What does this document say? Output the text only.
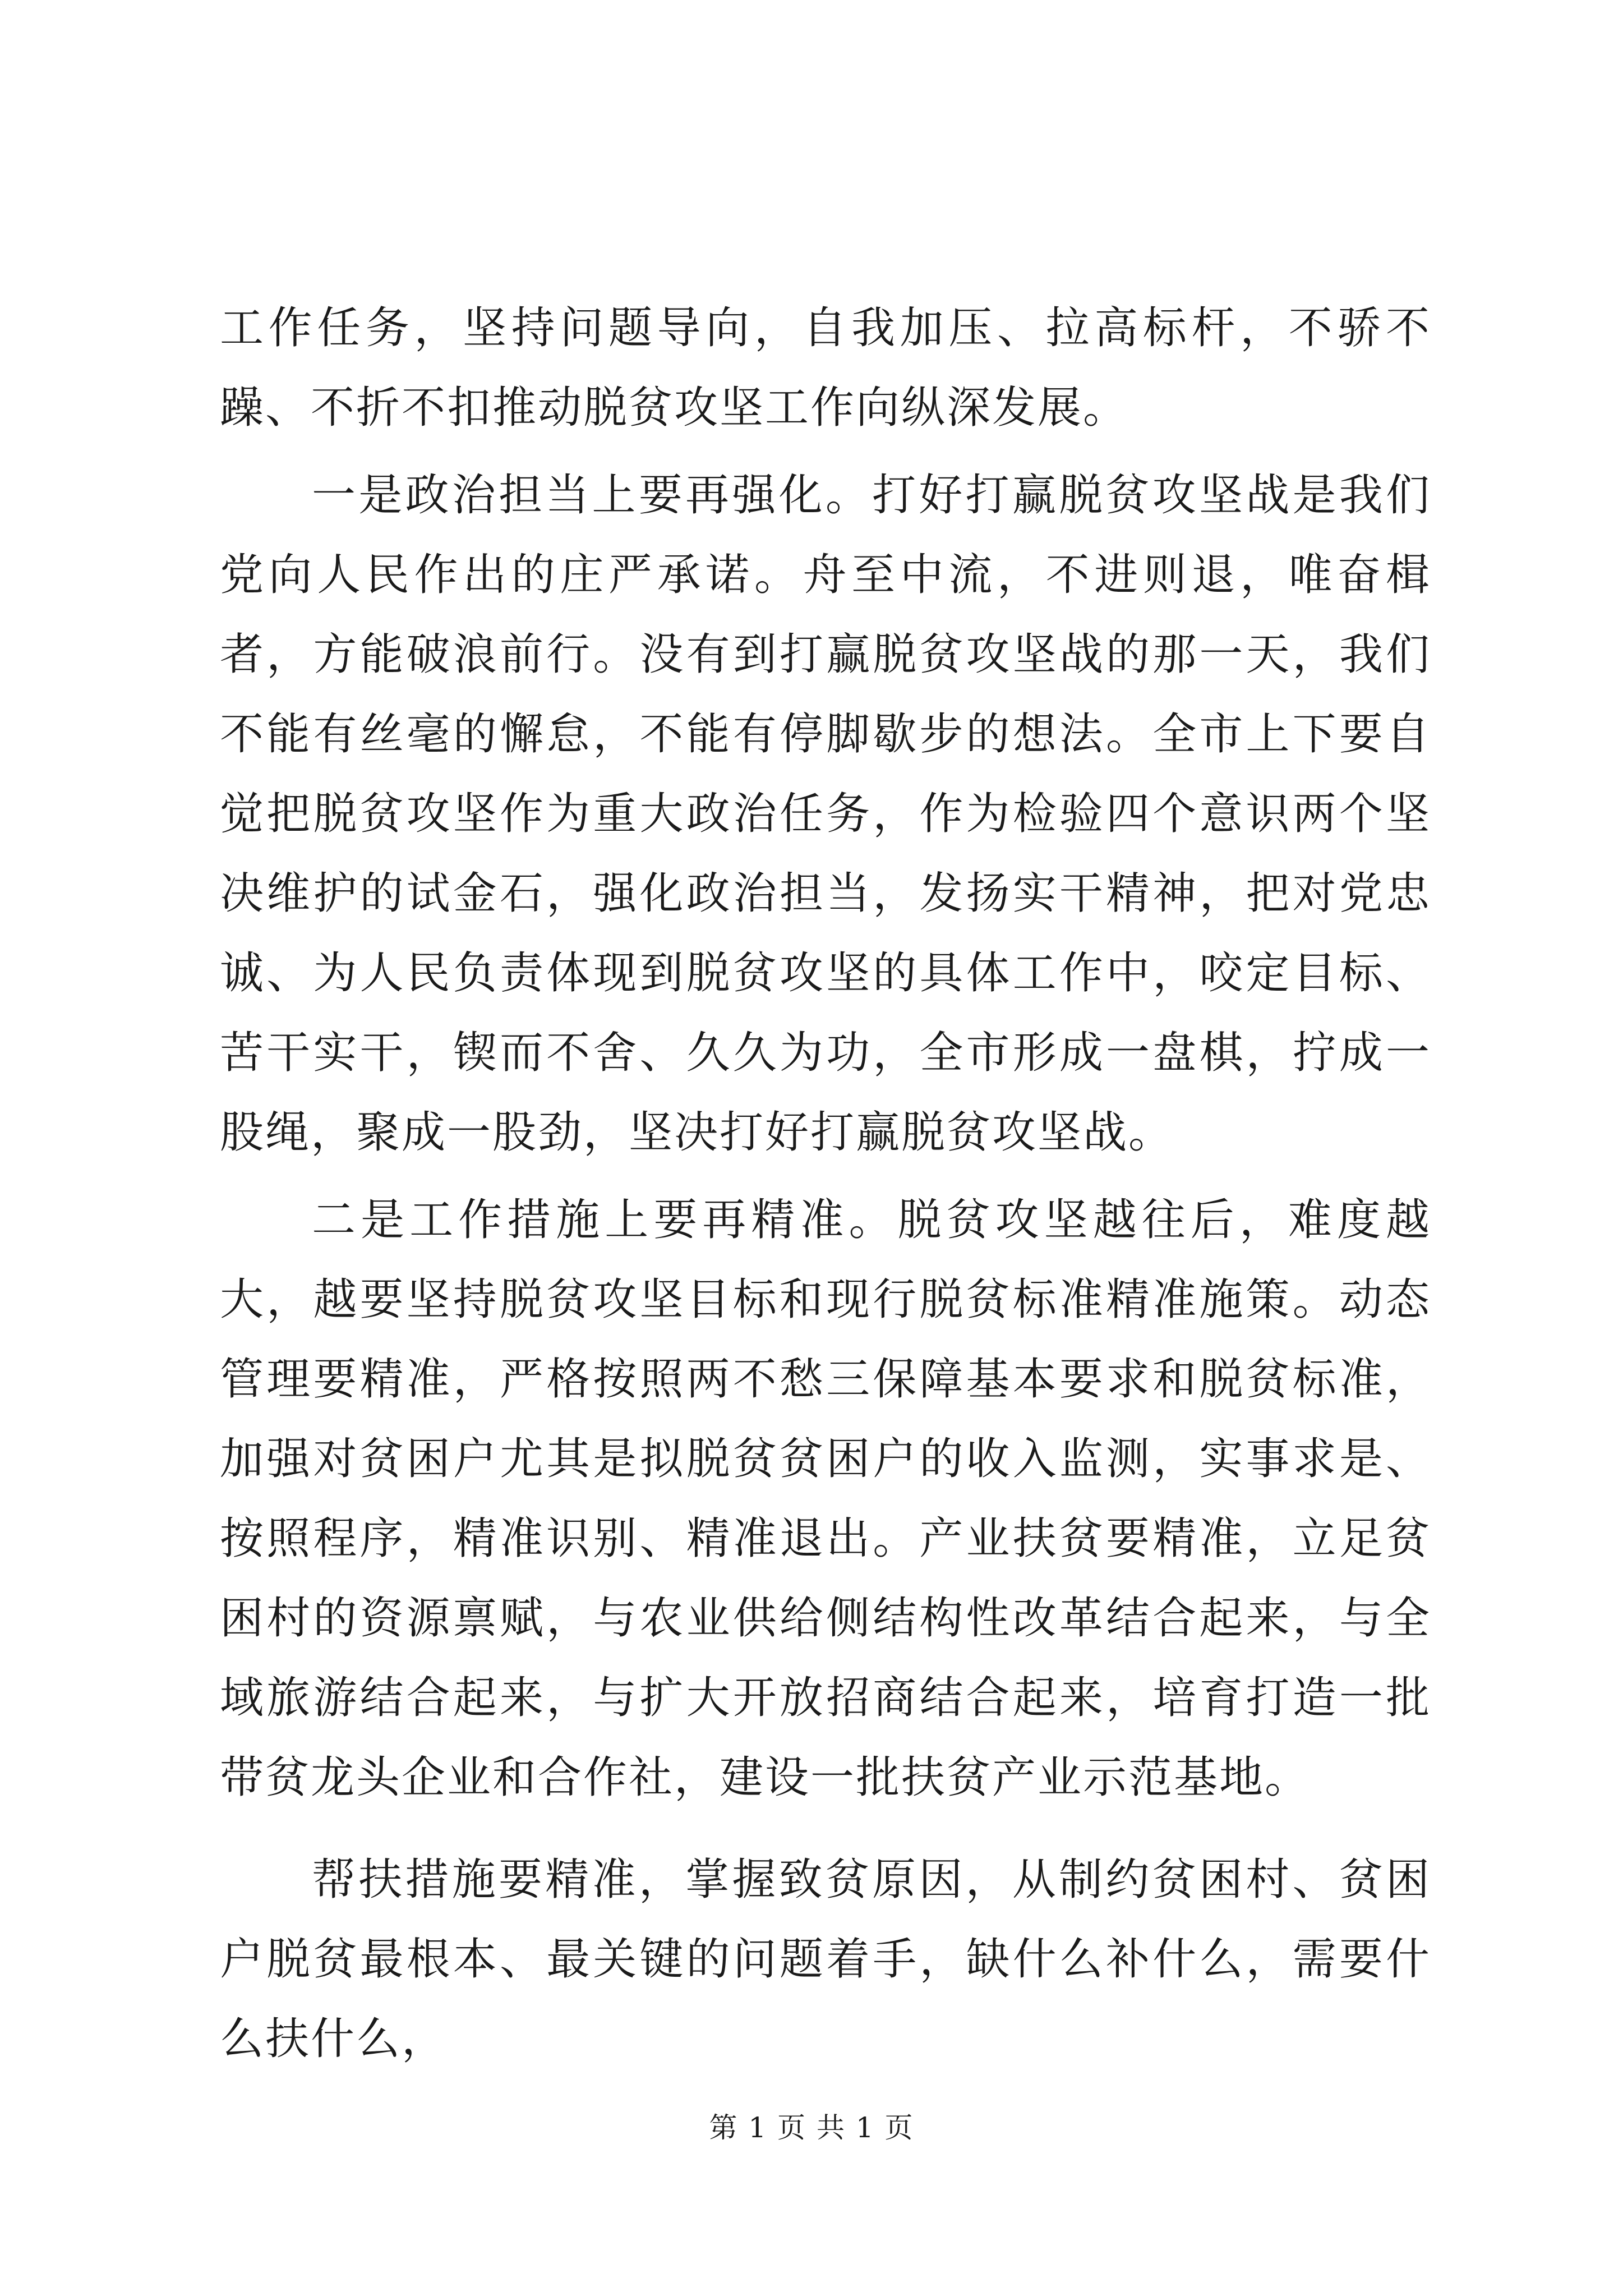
工作任务，坚持问题导向，自我加压、拉高标杆，不骄不躁、不折不扣推动脱贫攻坚工作向纵深发展。

一是政治担当上要再强化。打好打赢脱贫攻坚战是我们党向人民作出的庄严承诺。舟至中流，不进则退，唯奋楫者，方能破浪前行。没有到打赢脱贫攻坚战的那一天，我们不能有丝毫的懈怠，不能有停脚歇步的想法。全市上下要自觉把脱贫攻坚作为重大政治任务，作为检验四个意识两个坚决维护的试金石，强化政治担当，发扬实干精神，把对党忠诚、为人民负责体现到脱贫攻坚的具体工作中，咬定目标、苦干实干，锲而不舍、久久为功，全市形成一盘棋，拧成一股绳，聚成一股劲，坚决打好打赢脱贫攻坚战。

二是工作措施上要再精准。脱贫攻坚越往后，难度越大，越要坚持脱贫攻坚目标和现行脱贫标准精准施策。动态管理要精准，严格按照两不愁三保障基本要求和脱贫标准，加强对贫困户尤其是拟脱贫贫困户的收入监测，实事求是、按照程序，精准识别、精准退出。产业扶贫要精准，立足贫困村的资源禀赋，与农业供给侧结构性改革结合起来，与全域旅游结合起来，与扩大开放招商结合起来，培育打造一批带贫龙头企业和合作社，建设一批扶贫产业示范基地。

帮扶措施要精准，掌握致贫原因，从制约贫困村、贫困户脱贫最根本、最关键的问题着手，缺什么补什么，需要什么扶什么，

第 1 页 共 1 页
